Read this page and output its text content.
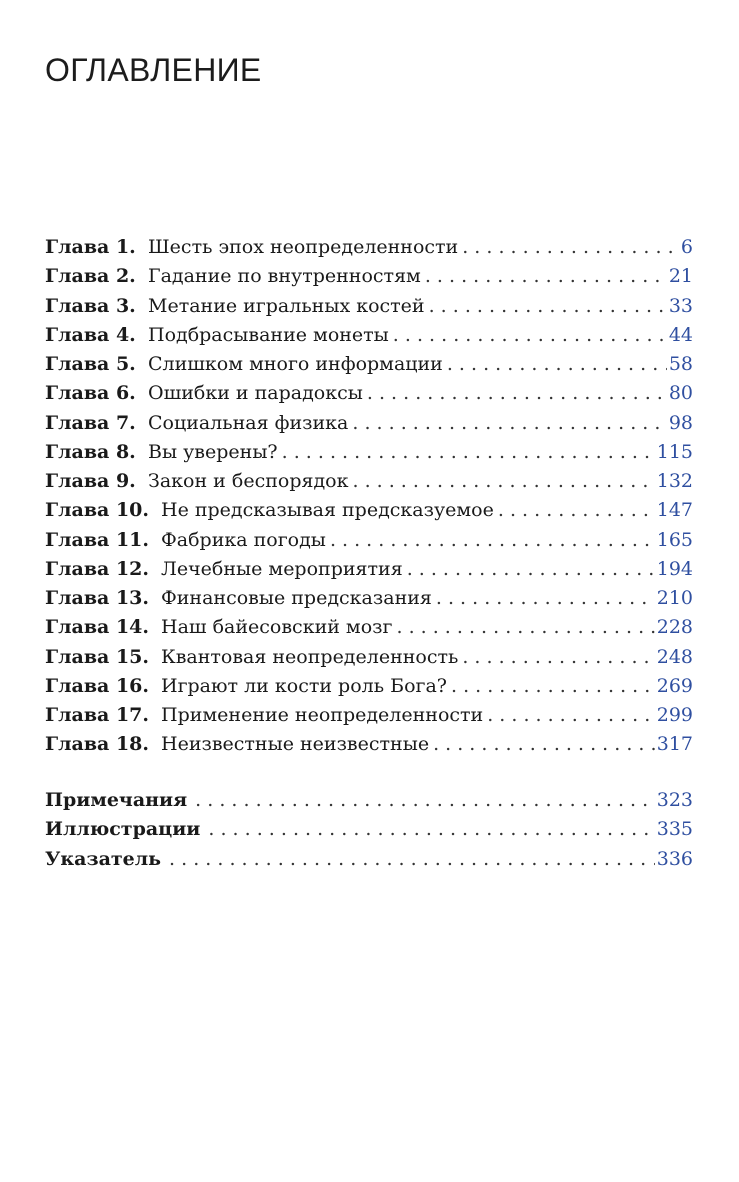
ОГЛАВЛЕНИЕ
Глава 1. Шесть эпох неопределенности . . .	6
Глава 2. Гадание по внутренностям . . .	21
Глава 3. Метание игральных костей . . .	33
Глава 4. Подбрасывание монеты . . .	44
Глава 5. Слишком много информации . . .	58
Глава 6. Ошибки и парадоксы . . .	80
Глава 7. Социальная физика . . .	98
Глава 8. Вы уверены? . . .	115
Глава 9. Закон и беспорядок . . .	132
Глава 10. Не предсказывая предсказуемое . . .	147
Глава 11. Фабрика погоды . . .	165
Глава 12. Лечебные мероприятия . . .	194
Глава 13. Финансовые предсказания . . .	210
Глава 14. Наш байесовский мозг . . .	228
Глава 15. Квантовая неопределенность . . .	248
Глава 16. Играют ли кости роль Бога? . . .	269
Глава 17. Применение неопределенности . . .	299
Глава 18. Неизвестные неизвестные . . .	317
Примечания . . .	323
Иллюстрации . . .	335
Указатель . . .	336
